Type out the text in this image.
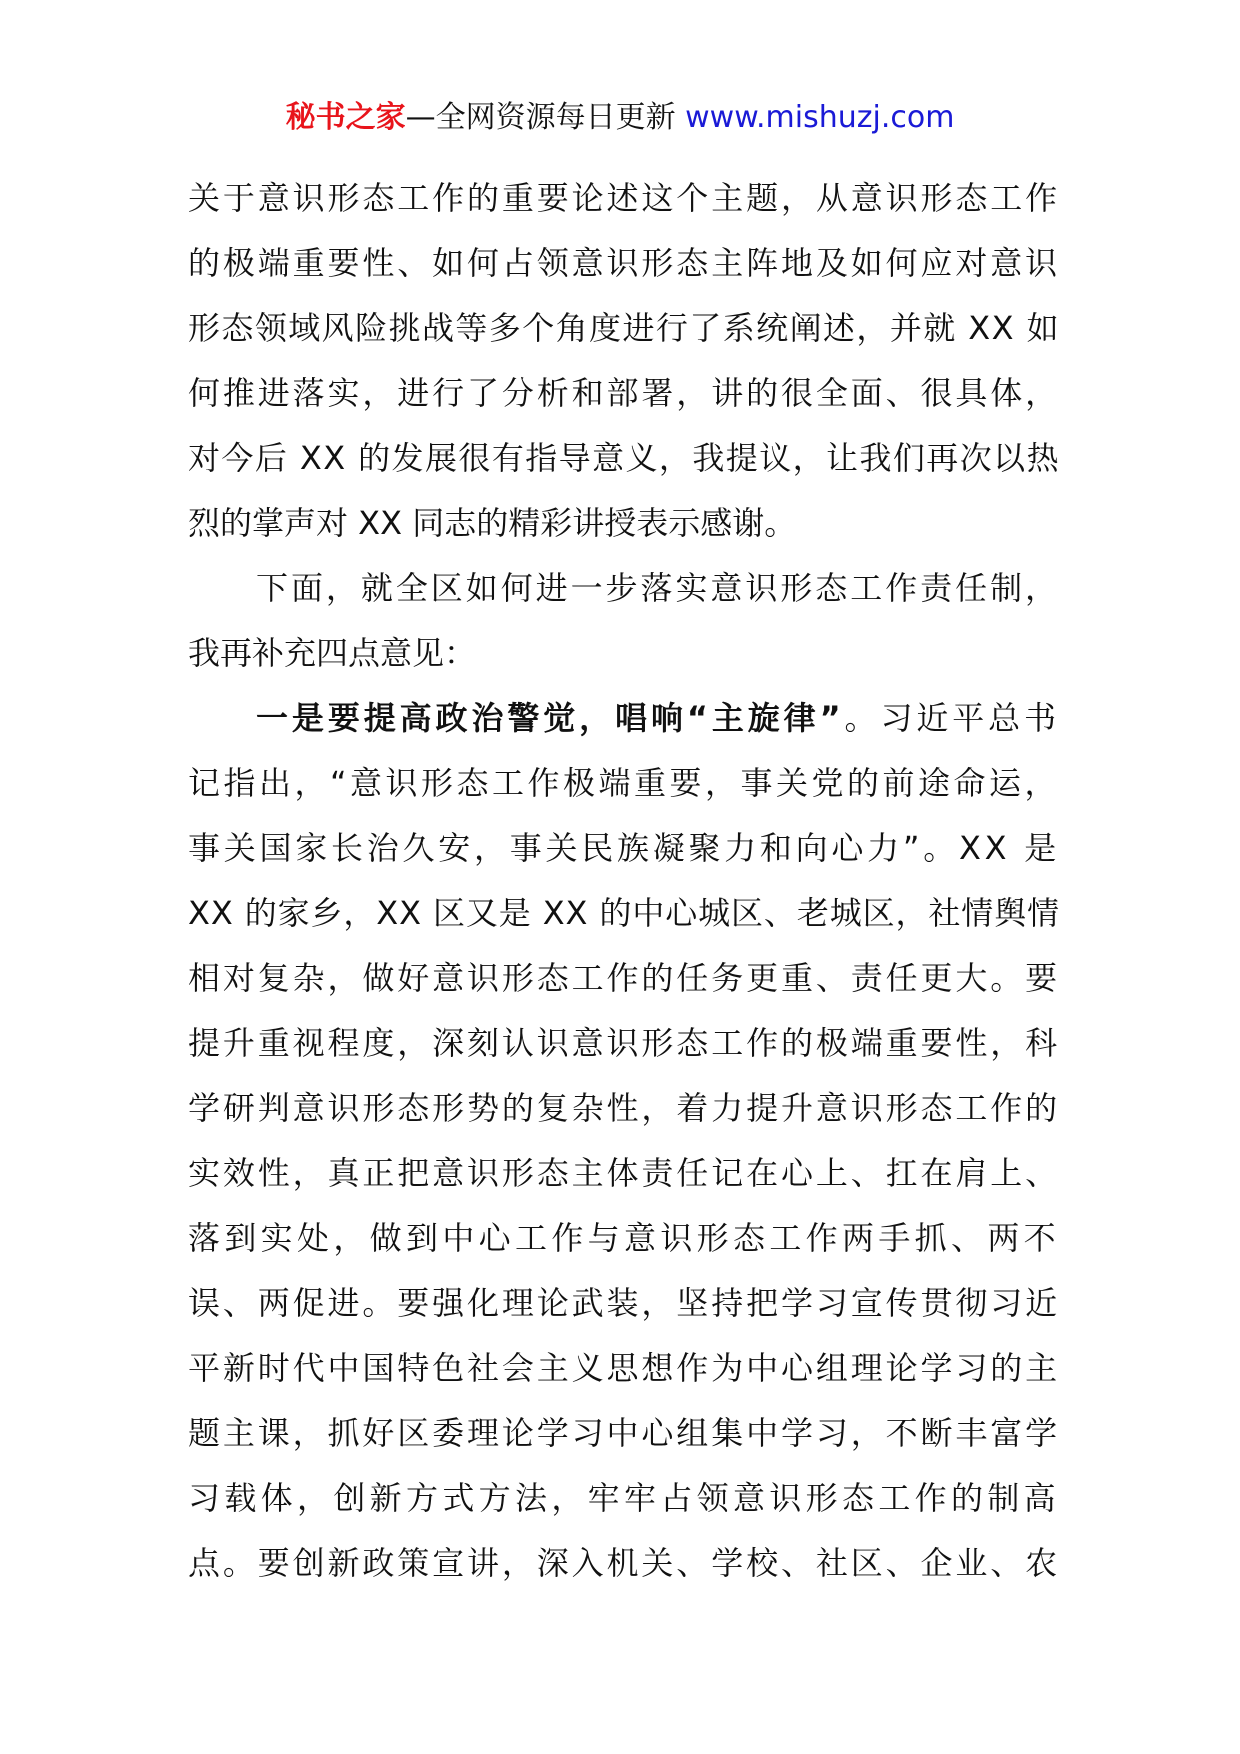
秘书之家—全网资源每日更新 www.mishuzj.com
关于意识形态工作的重要论述这个主题，从意识形态工作
的极端重要性、如何占领意识形态主阵地及如何应对意识
形态领域风险挑战等多个角度进行了系统阐述，并就 XX 如
何推进落实，进行了分析和部署，讲的很全面、很具体，
对今后 XX 的发展很有指导意义，我提议，让我们再次以热
烈的掌声对 XX 同志的精彩讲授表示感谢。
下面，就全区如何进一步落实意识形态工作责任制，
我再补充四点意见：
一是要提高政治警觉，唱响“主旋律”。习近平总书
记指出，“意识形态工作极端重要，事关党的前途命运，
事关国家长治久安，事关民族凝聚力和向心力”。XX 是
XX 的家乡，XX 区又是 XX 的中心城区、老城区，社情舆情
相对复杂，做好意识形态工作的任务更重、责任更大。要
提升重视程度，深刻认识意识形态工作的极端重要性，科
学研判意识形态形势的复杂性，着力提升意识形态工作的
实效性，真正把意识形态主体责任记在心上、扛在肩上、
落到实处，做到中心工作与意识形态工作两手抓、两不
误、两促进。要强化理论武装，坚持把学习宣传贯彻习近
平新时代中国特色社会主义思想作为中心组理论学习的主
题主课，抓好区委理论学习中心组集中学习，不断丰富学
习载体，创新方式方法，牢牢占领意识形态工作的制高
点。要创新政策宣讲，深入机关、学校、社区、企业、农
